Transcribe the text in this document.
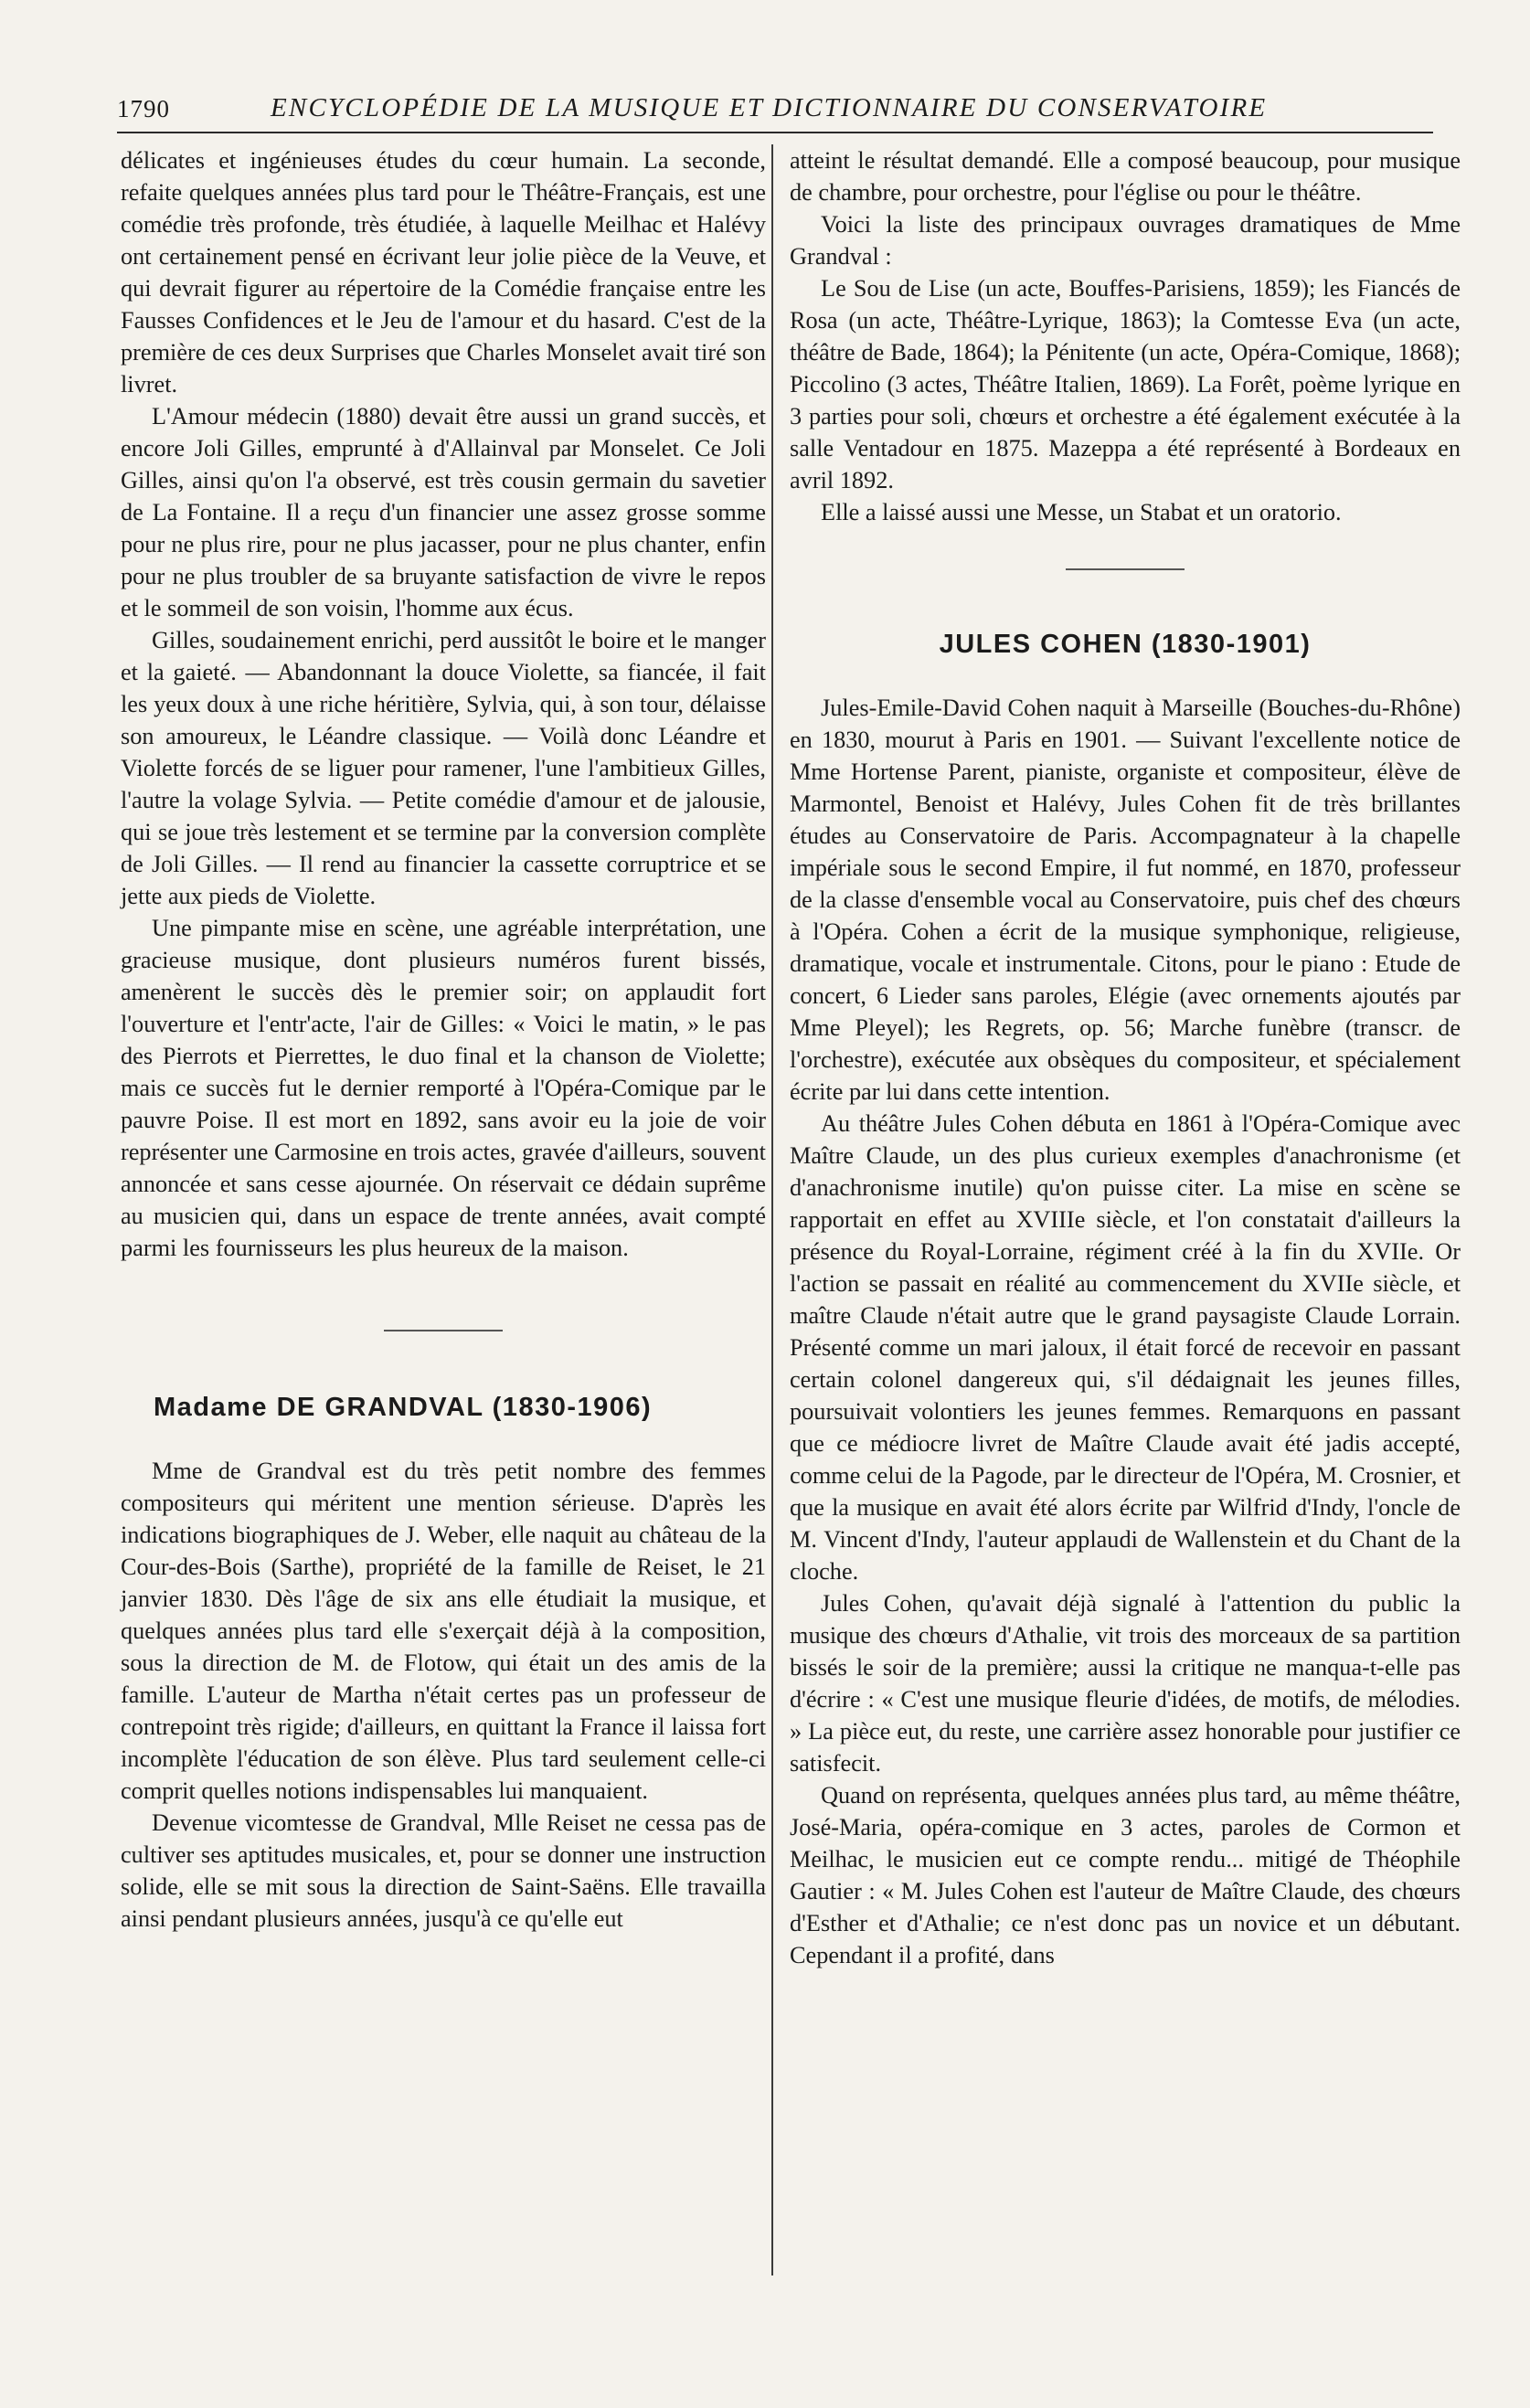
1790	ENCYCLOPÉDIE DE LA MUSIQUE ET DICTIONNAIRE DU CONSERVATOIRE

délicates et ingénieuses études du cœur humain. La seconde, refaite quelques années plus tard pour le Théâtre-Français, est une comédie très profonde, très étudiée, à laquelle Meilhac et Halévy ont certainement pensé en écrivant leur jolie pièce de la Veuve, et qui devrait figurer au répertoire de la Comédie française entre les Fausses Confidences et le Jeu de l'amour et du hasard. C'est de la première de ces deux Surprises que Charles Monselet avait tiré son livret.

L'Amour médecin (1880) devait être aussi un grand succès, et encore Joli Gilles, emprunté à d'Allainval par Monselet. Ce Joli Gilles, ainsi qu'on l'a observé, est très cousin germain du savetier de La Fontaine. Il a reçu d'un financier une assez grosse somme pour ne plus rire, pour ne plus jacasser, pour ne plus chanter, enfin pour ne plus troubler de sa bruyante satisfaction de vivre le repos et le sommeil de son voisin, l'homme aux écus.

Gilles, soudainement enrichi, perd aussitôt le boire et le manger et la gaieté. — Abandonnant la douce Violette, sa fiancée, il fait les yeux doux à une riche héritière, Sylvia, qui, à son tour, délaisse son amoureux, le Léandre classique. — Voilà donc Léandre et Violette forcés de se liguer pour ramener, l'une l'ambitieux Gilles, l'autre la volage Sylvia. — Petite comédie d'amour et de jalousie, qui se joue très lestement et se termine par la conversion complète de Joli Gilles. — Il rend au financier la cassette corruptrice et se jette aux pieds de Violette.

Une pimpante mise en scène, une agréable interprétation, une gracieuse musique, dont plusieurs numéros furent bissés, amenèrent le succès dès le premier soir; on applaudit fort l'ouverture et l'entr'acte, l'air de Gilles: « Voici le matin, » le pas des Pierrots et Pierrettes, le duo final et la chanson de Violette; mais ce succès fut le dernier remporté à l'Opéra-Comique par le pauvre Poise. Il est mort en 1892, sans avoir eu la joie de voir représenter une Carmosine en trois actes, gravée d'ailleurs, souvent annoncée et sans cesse ajournée. On réservait ce dédain suprême au musicien qui, dans un espace de trente années, avait compté parmi les fournisseurs les plus heureux de la maison.

Madame DE GRANDVAL (1830-1906)

Mme de Grandval est du très petit nombre des femmes compositeurs qui méritent une mention sérieuse. D'après les indications biographiques de J. Weber, elle naquit au château de la Cour-des-Bois (Sarthe), propriété de la famille de Reiset, le 21 janvier 1830. Dès l'âge de six ans elle étudiait la musique, et quelques années plus tard elle s'exerçait déjà à la composition, sous la direction de M. de Flotow, qui était un des amis de la famille. L'auteur de Martha n'était certes pas un professeur de contrepoint très rigide; d'ailleurs, en quittant la France il laissa fort incomplète l'éducation de son élève. Plus tard seulement celle-ci comprit quelles notions indispensables lui manquaient.

Devenue vicomtesse de Grandval, Mlle Reiset ne cessa pas de cultiver ses aptitudes musicales, et, pour se donner une instruction solide, elle se mit sous la direction de Saint-Saëns. Elle travailla ainsi pendant plusieurs années, jusqu'à ce qu'elle eut

atteint le résultat demandé. Elle a composé beaucoup, pour musique de chambre, pour orchestre, pour l'église ou pour le théâtre.

Voici la liste des principaux ouvrages dramatiques de Mme Grandval :

Le Sou de Lise (un acte, Bouffes-Parisiens, 1859); les Fiancés de Rosa (un acte, Théâtre-Lyrique, 1863); la Comtesse Eva (un acte, théâtre de Bade, 1864); la Pénitente (un acte, Opéra-Comique, 1868); Piccolino (3 actes, Théâtre Italien, 1869). La Forêt, poème lyrique en 3 parties pour soli, chœurs et orchestre a été également exécutée à la salle Ventadour en 1875. Mazeppa a été représenté à Bordeaux en avril 1892.

Elle a laissé aussi une Messe, un Stabat et un oratorio.

JULES COHEN (1830-1901)

Jules-Emile-David Cohen naquit à Marseille (Bouches-du-Rhône) en 1830, mourut à Paris en 1901. — Suivant l'excellente notice de Mme Hortense Parent, pianiste, organiste et compositeur, élève de Marmontel, Benoist et Halévy, Jules Cohen fit de très brillantes études au Conservatoire de Paris. Accompagnateur à la chapelle impériale sous le second Empire, il fut nommé, en 1870, professeur de la classe d'ensemble vocal au Conservatoire, puis chef des chœurs à l'Opéra. Cohen a écrit de la musique symphonique, religieuse, dramatique, vocale et instrumentale. Citons, pour le piano : Etude de concert, 6 Lieder sans paroles, Elégie (avec ornements ajoutés par Mme Pleyel); les Regrets, op. 56; Marche funèbre (transcr. de l'orchestre), exécutée aux obsèques du compositeur, et spécialement écrite par lui dans cette intention.

Au théâtre Jules Cohen débuta en 1861 à l'Opéra-Comique avec Maître Claude, un des plus curieux exemples d'anachronisme (et d'anachronisme inutile) qu'on puisse citer. La mise en scène se rapportait en effet au XVIIIe siècle, et l'on constatait d'ailleurs la présence du Royal-Lorraine, régiment créé à la fin du XVIIe. Or l'action se passait en réalité au commencement du XVIIe siècle, et maître Claude n'était autre que le grand paysagiste Claude Lorrain. Présenté comme un mari jaloux, il était forcé de recevoir en passant certain colonel dangereux qui, s'il dédaignait les jeunes filles, poursuivait volontiers les jeunes femmes. Remarquons en passant que ce médiocre livret de Maître Claude avait été jadis accepté, comme celui de la Pagode, par le directeur de l'Opéra, M. Crosnier, et que la musique en avait été alors écrite par Wilfrid d'Indy, l'oncle de M. Vincent d'Indy, l'auteur applaudi de Wallenstein et du Chant de la cloche.

Jules Cohen, qu'avait déjà signalé à l'attention du public la musique des chœurs d'Athalie, vit trois des morceaux de sa partition bissés le soir de la première; aussi la critique ne manqua-t-elle pas d'écrire : « C'est une musique fleurie d'idées, de motifs, de mélodies. » La pièce eut, du reste, une carrière assez honorable pour justifier ce satisfecit.

Quand on représenta, quelques années plus tard, au même théâtre, José-Maria, opéra-comique en 3 actes, paroles de Cormon et Meilhac, le musicien eut ce compte rendu... mitigé de Théophile Gautier : « M. Jules Cohen est l'auteur de Maître Claude, des chœurs d'Esther et d'Athalie; ce n'est donc pas un novice et un débutant. Cependant il a profité, dans
